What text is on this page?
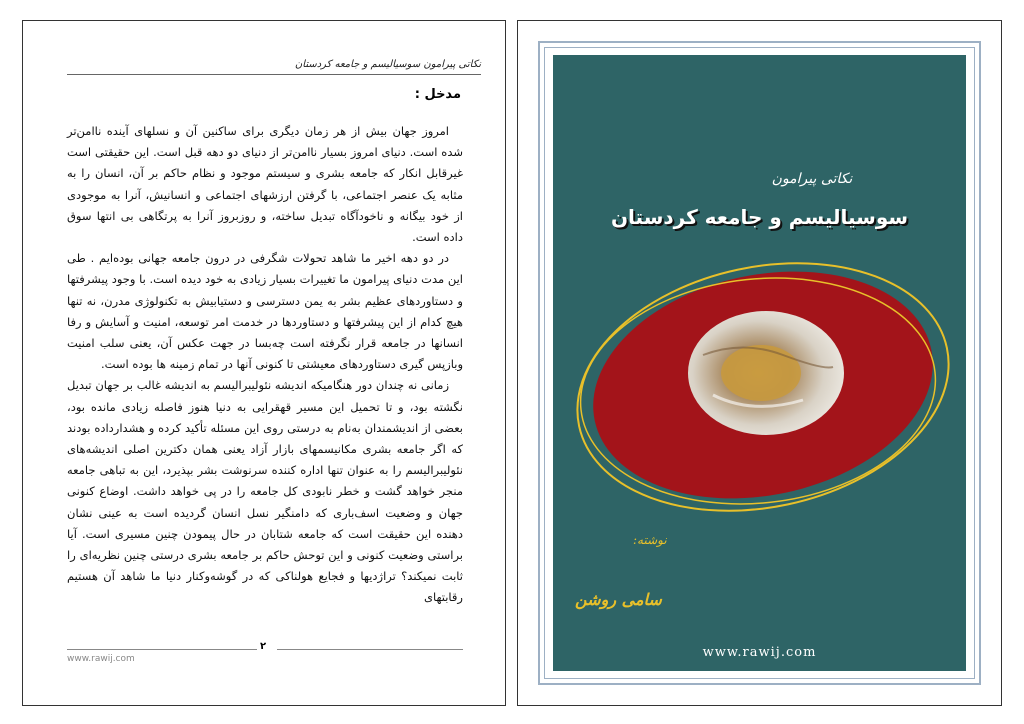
نکاتی پیرامون سوسیالیسم و جامعه کردستان
مدخل :

امروز جهان بیش از هر زمان دیگری برای ساکنین آن و نسلهای آینده ناامن‌تر شده است. دنیای امروز بسیار ناامن‌تر از دنیای دو دهه قبل است. این حقیقتی است غیرقابل انکار که جامعه بشری و سیستم موجود و نظام حاکم بر آن، انسان را به مثابه یک عنصر اجتماعی، با گرفتن ارزشهای اجتماعی و انسانیش، آنرا به موجودی از خود بیگانه و ناخودآگاه تبدیل ساخته، و روزبروز آنرا به پرتگاهی بی انتها سوق داده است.

در دو دهه اخیر ما شاهد تحولات شگرفی در درون جامعه جهانی بوده‌ایم . طی این مدت دنیای پیرامون ما تغییرات بسیار زیادی به خود دیده است. با وجود پیشرفتها و دستاوردهای عظیم بشر به یمن دسترسی و دستیابیش به تکنولوژی مدرن، نه تنها هیچ کدام از این پیشرفتها و دستاوردها در خدمت امر توسعه، امنیت و آسایش و رفا انسانها در جامعه قرار نگرفته است چه‌بسا در جهت عکس آن، یعنی سلب امنیت وبازپس گیری دستاوردهای معیشتی تا کنونی آنها در تمام زمینه ها بوده است.

زمانی نه چندان دور هنگامیکه اندیشه نئولیبرالیسم به اندیشه غالب بر جهان تبدیل نگشته بود، و تا تحمیل این مسیر قهقرایی به دنیا هنوز فاصله زیادی مانده بود، بعضی از اندیشمندان به‌نام به درستی روی این مسئله تأکید کرده و هشدارداده بودند که اگر جامعه بشری مکانیسمهای بازار آزاد یعنی همان دکترین اصلی اندیشه‌های نئولیبرالیسم را به عنوان تنها اداره کننده سرنوشت بشر بپذیرد، این به تباهی جامعه منجر خواهد گشت و خطر نابودی کل جامعه را در پی خواهد داشت. اوضاع کنونی جهان و وضعیت اسف‌باری که دامنگیر نسل انسان گردیده است به عینی نشان دهنده این حقیقت است که جامعه شتابان در حال پیمودن چنین مسیری است. آیا براستی وضعیت کنونی و این توحش حاکم بر جامعه بشری درستی چنین نظریه‌ای را ثابت نمیکند؟ تراژدیها و فجایع هولناکی که در گوشه‌وکنار دنیا ما شاهد آن هستیم رقابتهای

۲
www.rawij.com
نکاتی پیرامون
سوسیالیسم و جامعه کردستان
نوشته:
سامی روشن
www.rawij.com
